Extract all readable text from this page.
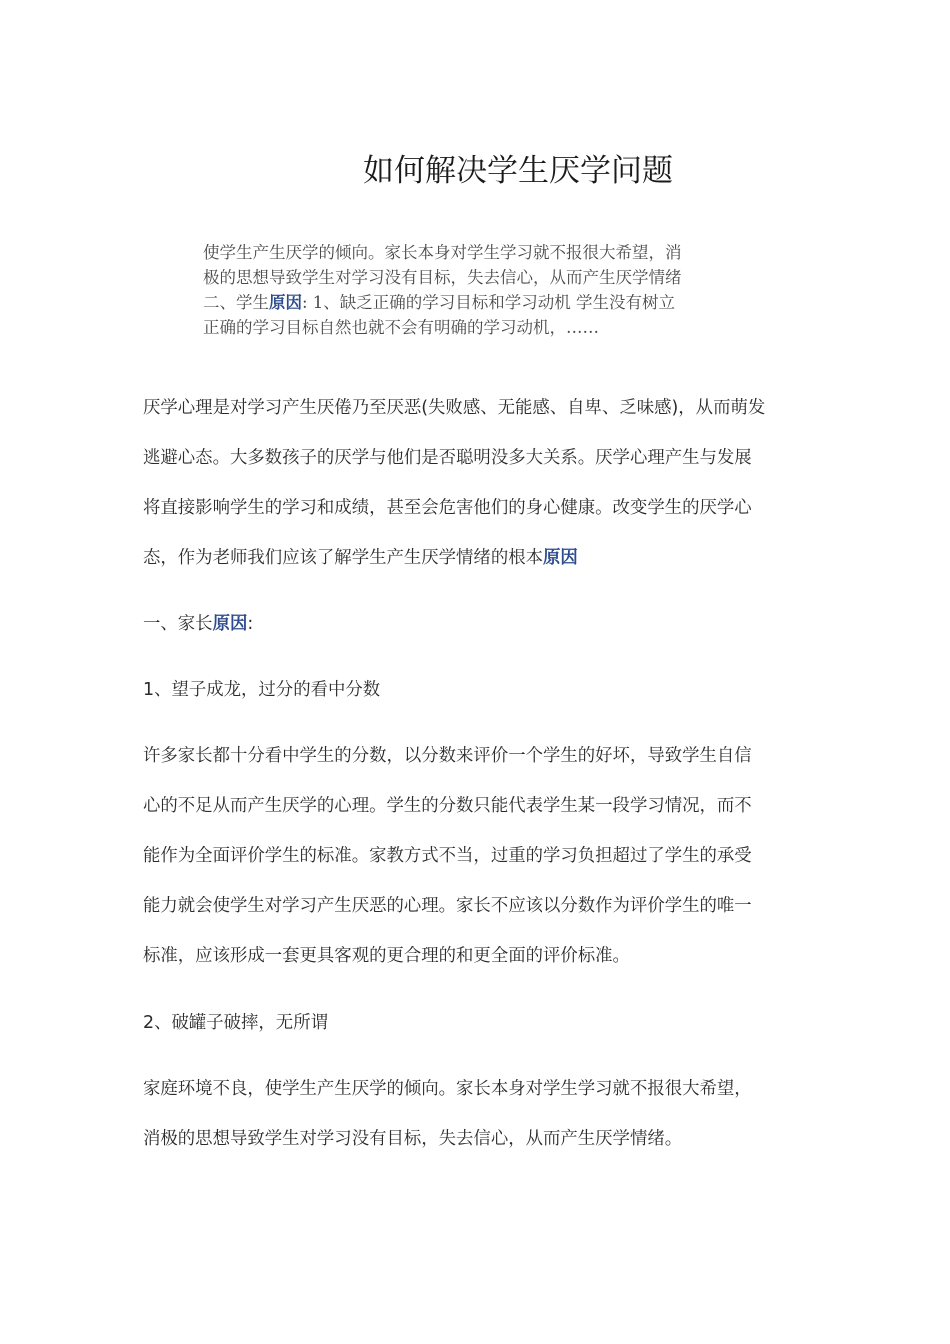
如何解决学生厌学问题
使学生产生厌学的倾向。家长本身对学生学习就不报很大希望，消
极的思想导致学生对学习没有目标，失去信心，从而产生厌学情绪
二、学生原因: 1、缺乏正确的学习目标和学习动机 学生没有树立
正确的学习目标自然也就不会有明确的学习动机，……
厌学心理是对学习产生厌倦乃至厌恶(失败感、无能感、自卑、乏味感)，从而萌发
逃避心态。大多数孩子的厌学与他们是否聪明没多大关系。厌学心理产生与发展
将直接影响学生的学习和成绩，甚至会危害他们的身心健康。改变学生的厌学心
态，作为老师我们应该了解学生产生厌学情绪的根本原因
一、家长原因:
1、望子成龙，过分的看中分数
许多家长都十分看中学生的分数，以分数来评价一个学生的好坏，导致学生自信
心的不足从而产生厌学的心理。学生的分数只能代表学生某一段学习情况，而不
能作为全面评价学生的标准。家教方式不当，过重的学习负担超过了学生的承受
能力就会使学生对学习产生厌恶的心理。家长不应该以分数作为评价学生的唯一
标准，应该形成一套更具客观的更合理的和更全面的评价标准。
2、破罐子破摔，无所谓
家庭环境不良，使学生产生厌学的倾向。家长本身对学生学习就不报很大希望，
消极的思想导致学生对学习没有目标，失去信心，从而产生厌学情绪。
